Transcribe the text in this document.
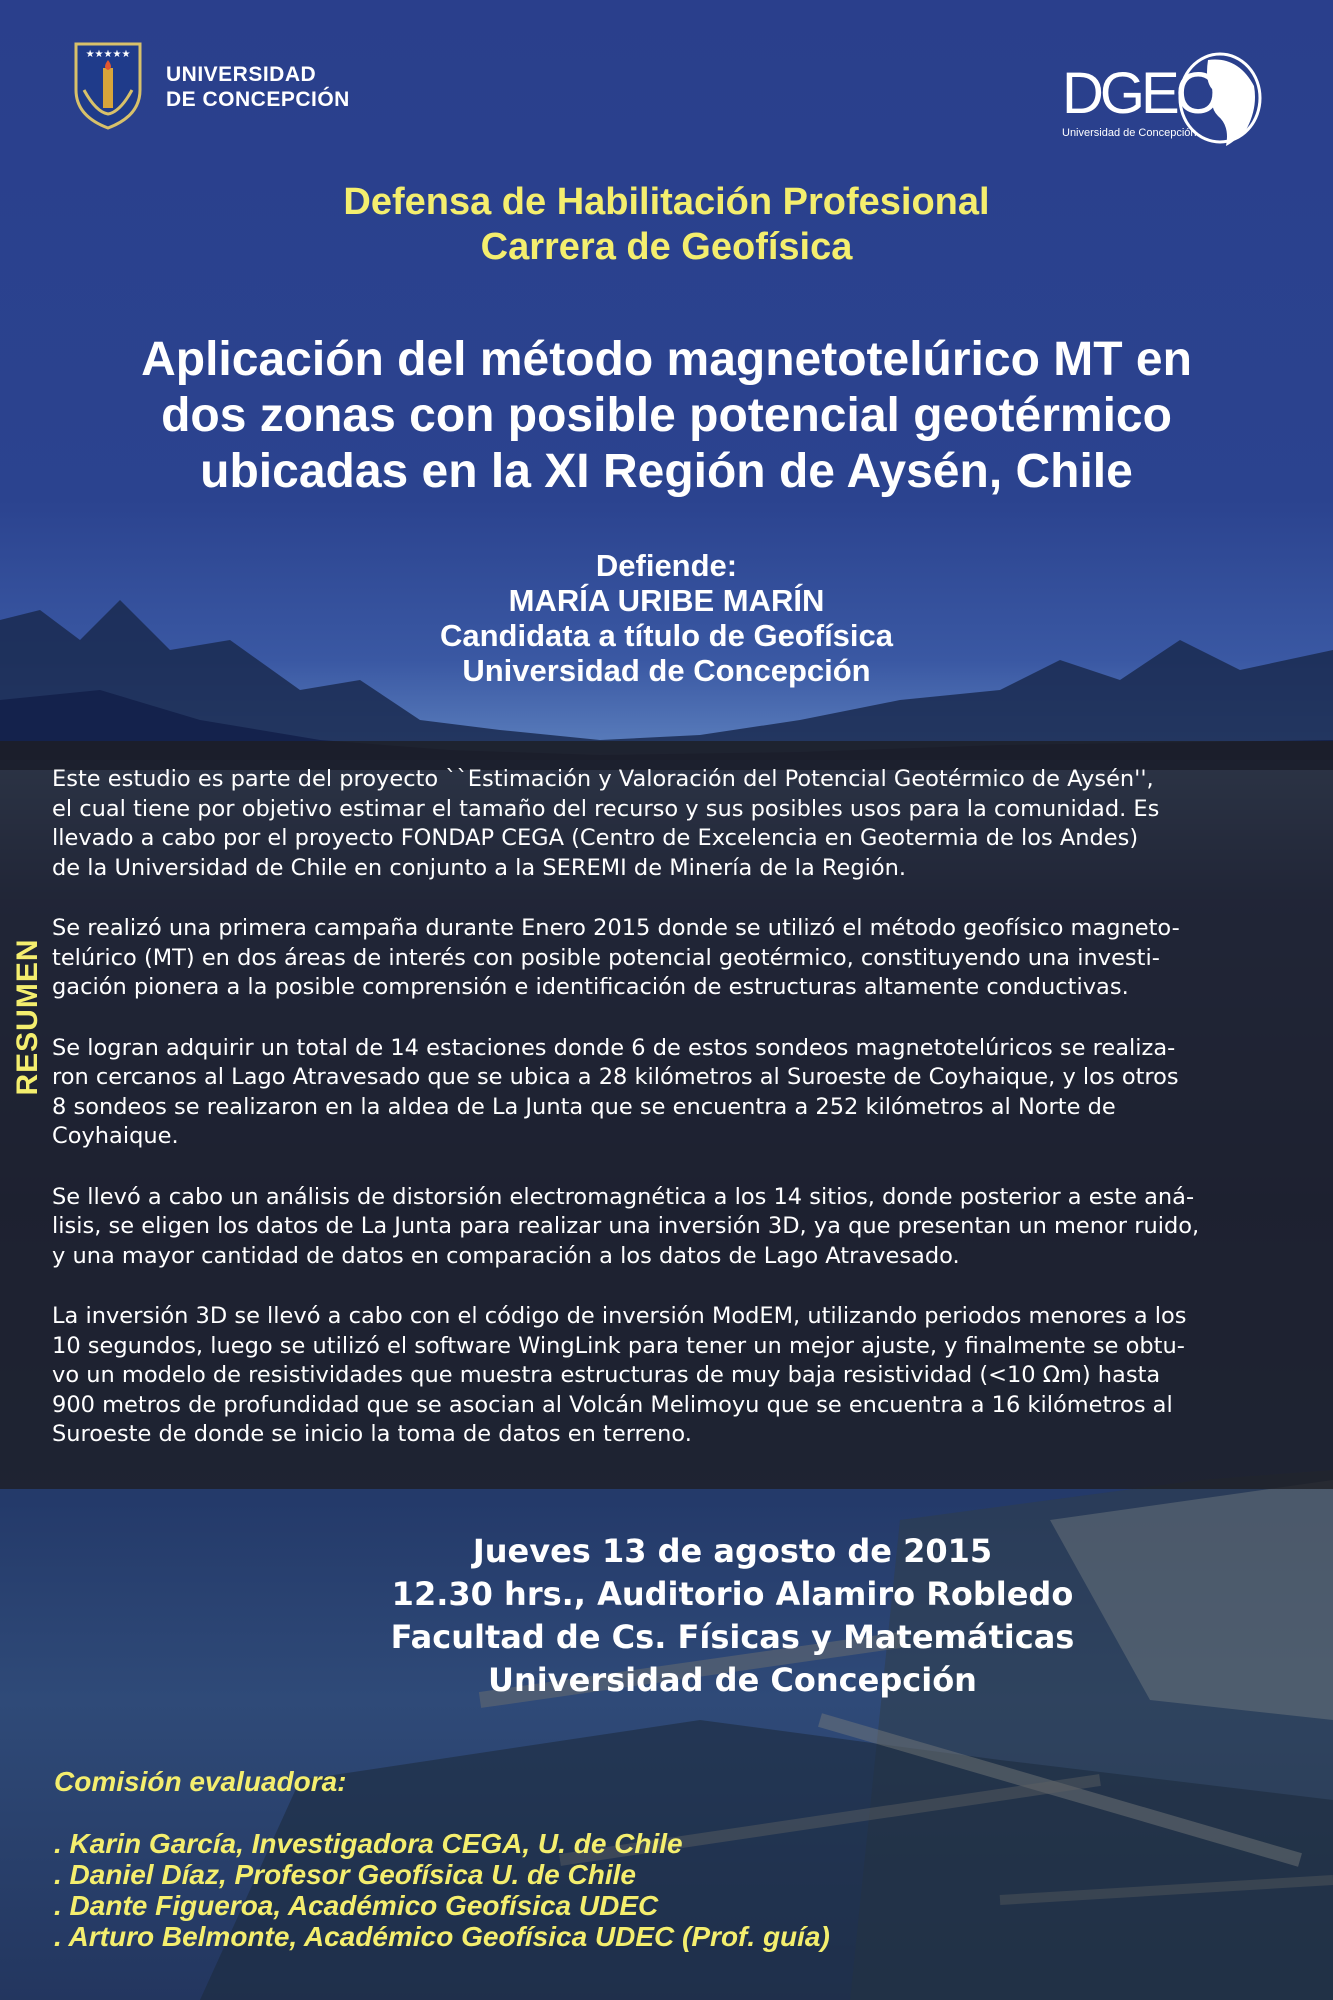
★★★★★
UNIVERSIDAD
DE CONCEPCIÓN	DGEO
Universidad de Concepción
Defensa de Habilitación Profesional
Carrera de Geofísica
Aplicación del método magnetotelúrico MT en
dos zonas con posible potencial geotérmico
ubicadas en la XI Región de Aysén, Chile
Defiende:
MARÍA URIBE MARÍN
Candidata a título de Geofísica
Universidad de Concepción
RESUMEN

Este estudio es parte del proyecto ``Estimación y Valoración del Potencial Geotérmico de Aysén'',
el cual tiene por objetivo estimar el tamaño del recurso y sus posibles usos para la comunidad. Es
llevado a cabo por el proyecto FONDAP CEGA (Centro de Excelencia en Geotermia de los Andes)
de la Universidad de Chile en conjunto a la SEREMI de Minería de la Región.

Se realizó una primera campaña durante Enero 2015 donde se utilizó el método geofísico magneto-
telúrico (MT) en dos áreas de interés con posible potencial geotérmico, constituyendo una investi-
gación pionera a la posible comprensión e identificación de estructuras altamente conductivas.

Se logran adquirir un total de 14 estaciones donde 6 de estos sondeos magnetotelúricos se realiza-
ron cercanos al Lago Atravesado que se ubica a 28 kilómetros al Suroeste de Coyhaique, y los otros
8 sondeos se realizaron en la aldea de La Junta que se encuentra a 252 kilómetros al Norte de
Coyhaique.

Se llevó a cabo un análisis de distorsión electromagnética a los 14 sitios, donde posterior a este aná-
lisis, se eligen los datos de La Junta para realizar una inversión 3D, ya que presentan un menor ruido,
y una mayor cantidad de datos en comparación a los datos de Lago Atravesado.

La inversión 3D se llevó a cabo con el código de inversión ModEM, utilizando periodos menores a los
10 segundos, luego se utilizó el software WingLink para tener un mejor ajuste, y finalmente se obtu-
vo un modelo de resistividades que muestra estructuras de muy baja resistividad (<10 Ωm) hasta
900 metros de profundidad que se asocian al Volcán Melimoyu que se encuentra a 16 kilómetros al
Suroeste de donde se inicio la toma de datos en terreno.

Jueves 13 de agosto de 2015
12.30 hrs., Auditorio Alamiro Robledo
Facultad de Cs. Físicas y Matemáticas
Universidad de Concepción
Comisión evaluadora:
. Karin García, Investigadora CEGA, U. de Chile
. Daniel Díaz, Profesor Geofísica U. de Chile
. Dante Figueroa, Académico Geofísica UDEC
. Arturo Belmonte, Académico Geofísica UDEC (Prof. guía)
